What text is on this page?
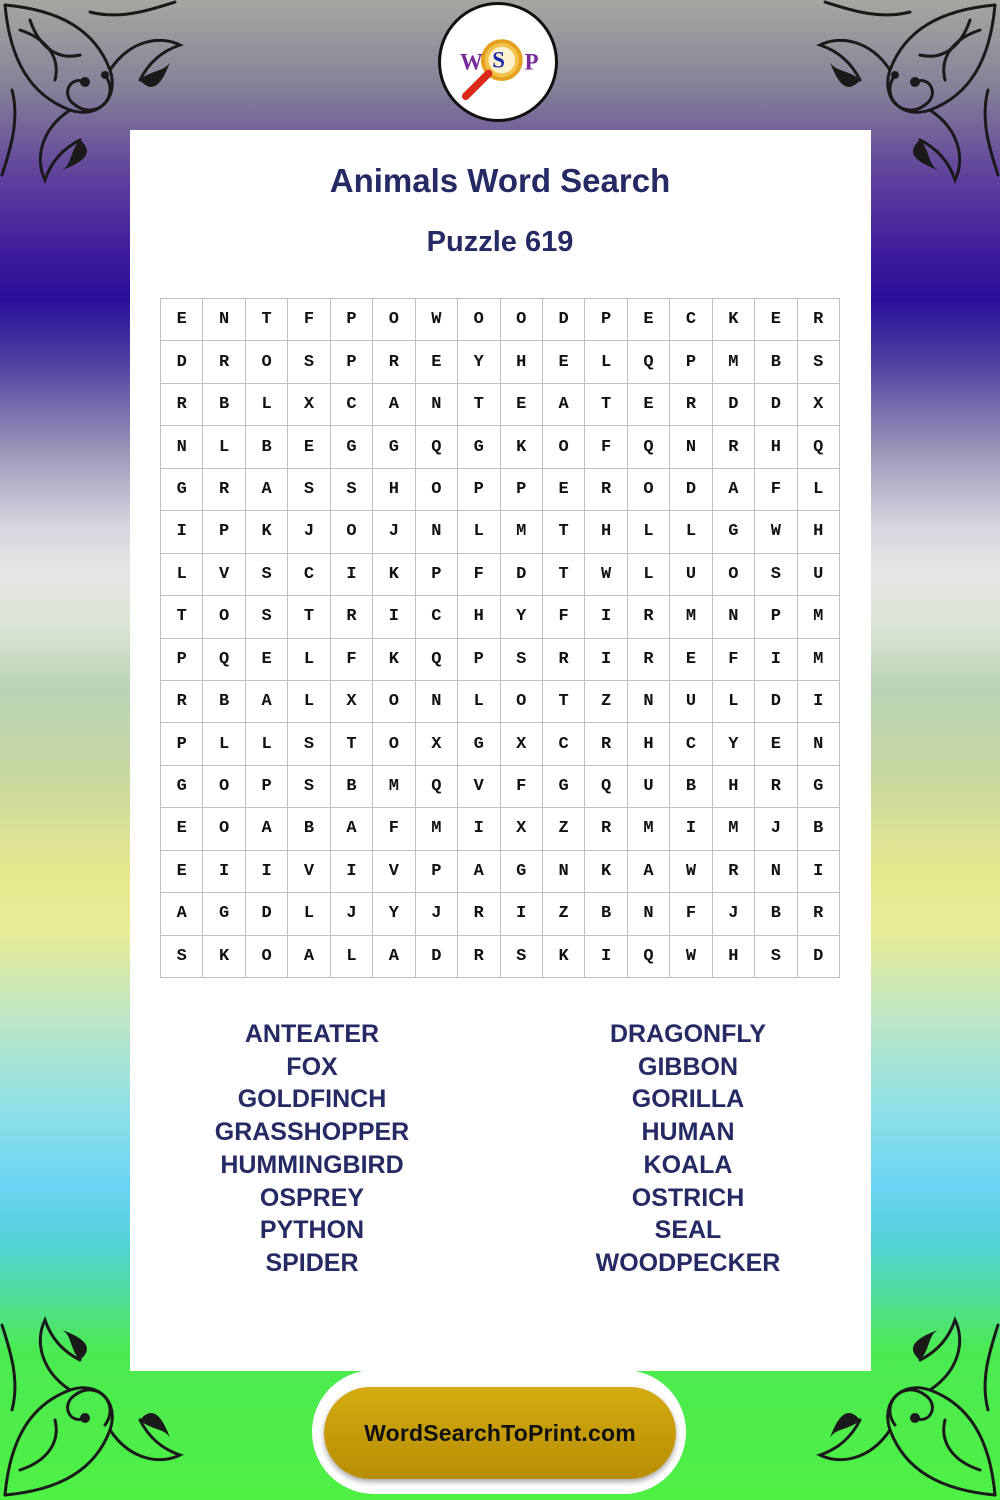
W S P
Animals Word Search
Puzzle 619
E	N	T	F	P	O	W	O	O	D	P	E	C	K	E	R
D	R	O	S	P	R	E	Y	H	E	L	Q	P	M	B	S
R	B	L	X	C	A	N	T	E	A	T	E	R	D	D	X
N	L	B	E	G	G	Q	G	K	O	F	Q	N	R	H	Q
G	R	A	S	S	H	O	P	P	E	R	O	D	A	F	L
I	P	K	J	O	J	N	L	M	T	H	L	L	G	W	H
L	V	S	C	I	K	P	F	D	T	W	L	U	O	S	U
T	O	S	T	R	I	C	H	Y	F	I	R	M	N	P	M
P	Q	E	L	F	K	Q	P	S	R	I	R	E	F	I	M
R	B	A	L	X	O	N	L	O	T	Z	N	U	L	D	I
P	L	L	S	T	O	X	G	X	C	R	H	C	Y	E	N
G	O	P	S	B	M	Q	V	F	G	Q	U	B	H	R	G
E	O	A	B	A	F	M	I	X	Z	R	M	I	M	J	B
E	I	I	V	I	V	P	A	G	N	K	A	W	R	N	I
A	G	D	L	J	Y	J	R	I	Z	B	N	F	J	B	R
S	K	O	A	L	A	D	R	S	K	I	Q	W	H	S	D
ANTEATER
FOX
GOLDFINCH
GRASSHOPPER
HUMMINGBIRD
OSPREY
PYTHON
SPIDER
DRAGONFLY
GIBBON
GORILLA
HUMAN
KOALA
OSTRICH
SEAL
WOODPECKER
WordSearchToPrint.com
